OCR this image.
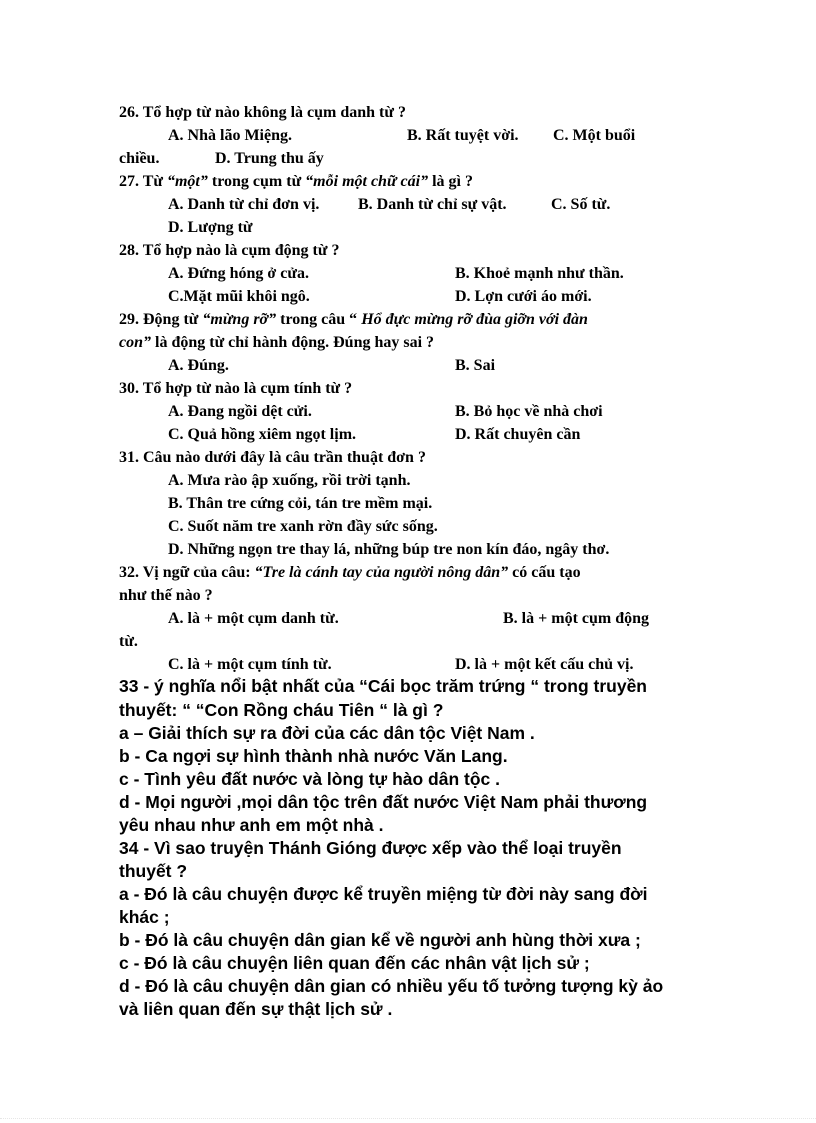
26. Tổ hợp từ nào không là cụm danh từ ?
A. Nhà lão Miệng.	B. Rất tuyệt vời. C. Một buổi
chiều.	D. Trung thu ấy
27. Từ “một” trong cụm từ “mỗi một chữ cái” là gì ?
A. Danh từ chỉ đơn vị. B. Danh từ chỉ sự vật.	C. Số từ.
D. Lượng từ
28. Tổ hợp nào là cụm động từ ?
A. Đứng hóng ở cửa.	B. Khoẻ mạnh như thần.
C.Mặt mũi khôi ngô.	D. Lợn cưới áo mới.
29. Động từ “mừng rỡ” trong câu “ Hổ đực mừng rỡ đùa giỡn với đàn
con” là động từ chỉ hành động. Đúng hay sai ?
A. Đúng.	B. Sai
30. Tổ hợp từ nào là cụm tính từ ?
A. Đang ngồi dệt cửi.	B. Bỏ học về nhà chơi
C. Quả hồng xiêm ngọt lịm.	D. Rất chuyên cần
31. Câu nào dưới đây là câu trần thuật đơn ?
A. Mưa rào ập xuống, rồi trời tạnh.
B. Thân tre cứng cỏi, tán tre mềm mại.
C. Suốt năm tre xanh rờn đầy sức sống.
D. Những ngọn tre thay lá, những búp tre non kín đáo, ngây thơ.
32. Vị ngữ của câu: “Tre là cánh tay của người nông dân” có cấu tạo
như thế nào ?
A. là + một cụm danh từ.	B. là + một cụm động
từ.
C. là + một cụm tính từ.	D. là + một kết cấu chủ vị.
33 - ý nghĩa nổi bật nhất của “Cái bọc trăm trứng “ trong truyền
thuyết: “ “Con Rồng cháu Tiên “ là gì ?
a – Giải thích sự ra đời của các dân tộc Việt Nam .
b - Ca ngợi sự hình thành nhà nước Văn Lang.
c - Tình yêu đất nước và lòng tự hào dân tộc .
d - Mọi người ,mọi dân tộc trên đất nước Việt Nam phải thương
yêu nhau như anh em một nhà .
34 - Vì sao truyện Thánh Gióng được xếp vào thể loại truyền
thuyết ?
a - Đó là câu chuyện được kể truyền miệng từ đời này sang đời
khác ;
b - Đó là câu chuyện dân gian kể về người anh hùng thời xưa ;
c - Đó là câu chuyện liên quan đến các nhân vật lịch sử ;
d - Đó là câu chuyện dân gian có nhiều yếu tố tưởng tượng kỳ ảo
và liên quan đến sự thật lịch sử .
